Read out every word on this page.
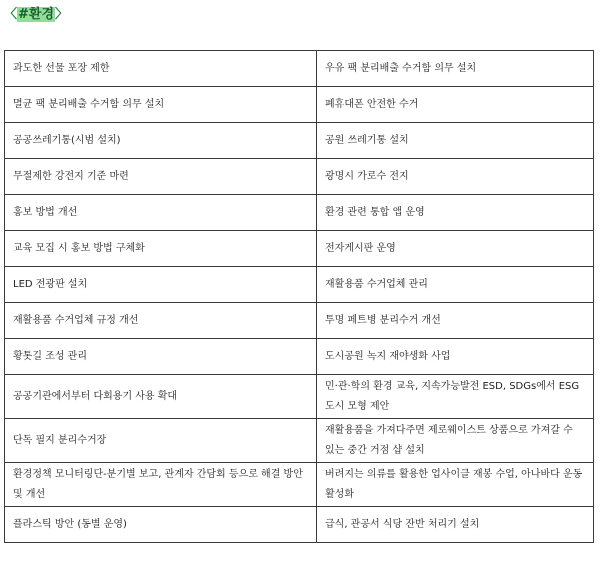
〈#환경〉
과도한 선물 포장 제한	우유 팩 분리배출 수거함 의무 설치
멸균 팩 분리배출 수거함 의무 설치	폐휴대폰 안전한 수거
공공쓰레기통(시범 설치)	공원 쓰레기통 설치
무절제한 강전지 기준 마련	광명시 가로수 전지
홍보 방법 개선	환경 관련 통합 앱 운영
교육 모집 시 홍보 방법 구체화	전자게시판 운영
LED 전광판 설치	재활용품 수거업체 관리
재활용품 수거업체 규정 개선	투명 페트병 분리수거 개선
황톳길 조성 관리	도시공원 녹지 재야생화 사업
공공기관에서부터 다회용기 사용 확대	민·관·학의 환경 교육, 지속가능발전 ESD, SDGs에서 ESG 도시 모형 제안
단독 필지 분리수거장	재활용품을 가져다주면 제로웨이스트 상품으로 가져갈 수 있는 중간 거점 샵 설치
환경정책 모니터링단-분기별 보고, 관계자 간담회 등으로 해결 방안 및 개선	버려지는 의류를 활용한 업사이클 재봉 수업, 아나바다 운동 활성화
플라스틱 방안 (동별 운영)	급식, 관공서 식당 잔반 처리기 설치
